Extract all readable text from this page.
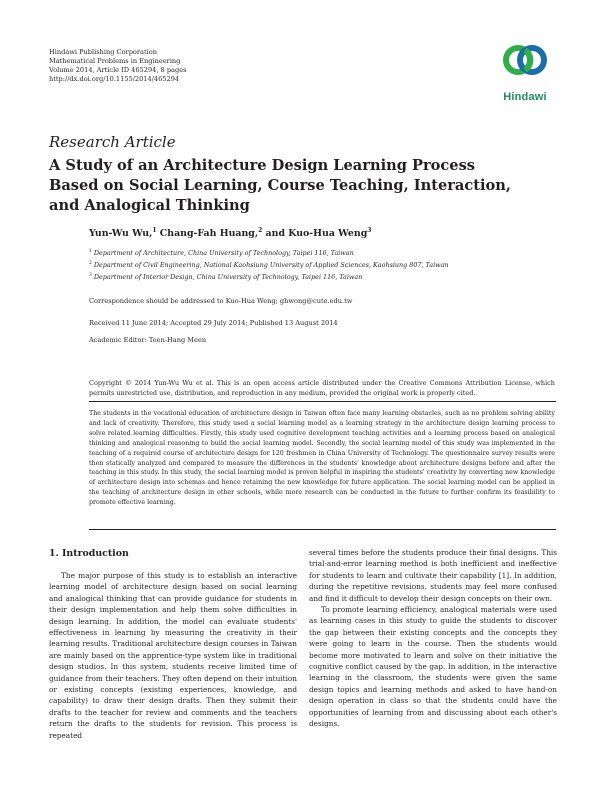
Hindawi Publishing Corporation
Mathematical Problems in Engineering
Volume 2014, Article ID 465294, 8 pages
http://dx.doi.org/10.1155/2014/465294
Hindawi
Research Article
A Study of an Architecture Design Learning Process
Based on Social Learning, Course Teaching, Interaction,
and Analogical Thinking
Yun-Wu Wu,$^1$ Chang-Fah Huang,$^2$ and Kuo-Hua Weng$^3$
$^1$ Department of Architecture, China University of Technology, Taipei 116, Taiwan
$^2$ Department of Civil Engineering, National Kaohsiung University of Applied Sciences, Kaohsiung 807, Taiwan
$^3$ Department of Interior Design, China University of Technology, Taipei 116, Taiwan
Correspondence should be addressed to Kuo-Hua Weng; ghwong@cute.edu.tw
Received 11 June 2014; Accepted 29 July 2014; Published 13 August 2014
Academic Editor: Teen-Hang Meen
Copyright © 2014 Yun-Wu Wu et al. This is an open access article distributed under the Creative Commons Attribution License, which permits unrestricted use, distribution, and reproduction in any medium, provided the original work is properly cited.
The students in the vocational education of architecture design in Taiwan often face many learning obstacles, such as no problem solving ability and lack of creativity. Therefore, this study used a social learning model as a learning strategy in the architecture design learning process to solve related learning difficulties. Firstly, this study used cognitive development teaching activities and a learning process based on analogical thinking and analogical reasoning to build the social learning model. Secondly, the social learning model of this study was implemented in the teaching of a required course of architecture design for 120 freshmen in China University of Technology. The questionnaire survey results were then statically analyzed and compared to measure the differences in the students' knowledge about architecture designs before and after the teaching in this study. In this study, the social learning model is proven helpful in inspiring the students' creativity by converting new knowledge of architecture design into schemas and hence retaining the new knowledge for future application. The social learning model can be applied in the teaching of architecture design in other schools, while more research can be conducted in the future to further confirm its feasibility to promote effective learning.
1. Introduction

The major purpose of this study is to establish an interactive learning model of architecture design based on social learning and analogical thinking that can provide guidance for students in their design implementation and help them solve difficulties in design learning. In addition, the model can evaluate students' effectiveness in learning by measuring the creativity in their learning results. Traditional architecture design courses in Taiwan are mainly based on the apprentice-type system like in traditional design studios. In this system, students receive limited time of guidance from their teachers. They often depend on their intuition or existing concepts (existing experiences, knowledge, and capability) to draw their design drafts. Then they submit their drafts to the teacher for review and comments and the teachers return the drafts to the students for revision. This process is repeated

several times before the students produce their final designs. This trial-and-error learning method is both inefficient and ineffective for students to learn and cultivate their capability [1]. In addition, during the repetitive revisions, students may feel more confused and find it difficult to develop their design concepts on their own.

To promote learning efficiency, analogical materials were used as learning cases in this study to guide the students to discover the gap between their existing concepts and the concepts they were going to learn in the course. Then the students would become more motivated to learn and solve on their initiative the cognitive conflict caused by the gap. In addition, in the interactive learning in the classroom, the students were given the same design topics and learning methods and asked to have hand-on design operation in class so that the students could have the opportunities of learning from and discussing about each other's designs.
